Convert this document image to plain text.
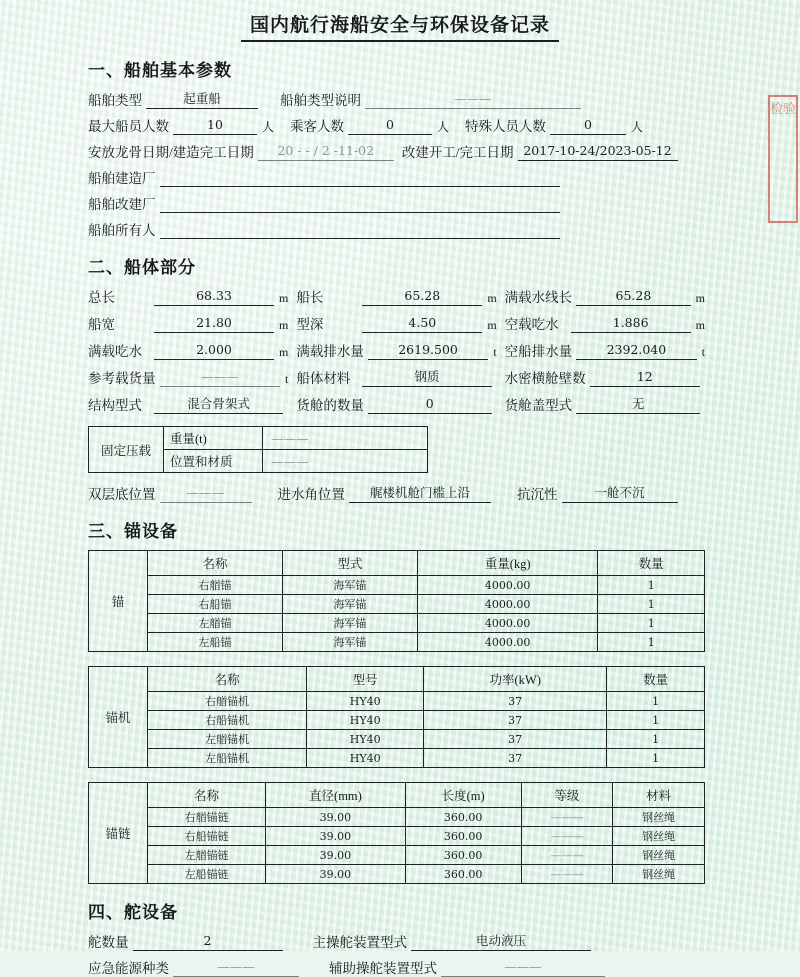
检验
国内航行海船安全与环保设备记录
一、船舶基本参数
船舶类型	起重船	船舶类型说明	———
最大船员人数	10	人	乘客人数	0	人	特殊人员人数	0	人
安放龙骨日期/建造完工日期	20 - - / 2 -11-02	改建开工/完工日期 2017-10-24/2023-05-12
船舶建造厂
船舶改建厂
船舶所有人
二、船体部分
总长	68.33	m 船长	65.28	m 满载水线长	65.28	m
船宽	21.80	m 型深	4.50	m 空载吃水	1.886	m
满载吃水	2.000	m 满载排水量	2619.500	t 空船排水量	2392.040	t
参考载货量	———	t 船体材料	钢质	水密横舱壁数	12
结构型式	混合骨架式	货舱的数量	0	货舱盖型式	无
固定压载	重量(t)	———
	位置和材质	———
双层底位置	———	进水角位置	艉楼机舱门槛上沿	抗沉性	一舱不沉
三、锚设备
锚	名称	型式	重量(kg)	数量
	右艏锚	海军锚	4000.00	1
	右船锚	海军锚	4000.00	1
	左艏锚	海军锚	4000.00	1
	左船锚	海军锚	4000.00	1
锚机	名称	型号	功率(kW)	数量
	右艏锚机	HY40	37	1
	右船锚机	HY40	37	1
	左艏锚机	HY40	37	1
	左船锚机	HY40	37	1
锚链	名称	直径(mm)	长度(m)	等级	材料
	右艏锚链	39.00	360.00	———	钢丝绳
	右船锚链	39.00	360.00	———	钢丝绳
	左艏锚链	39.00	360.00	———	钢丝绳
	左船锚链	39.00	360.00	———	钢丝绳
四、舵设备
舵数量	2	主操舵装置型式	电动液压
应急能源种类	———	辅助操舵装置型式	———
